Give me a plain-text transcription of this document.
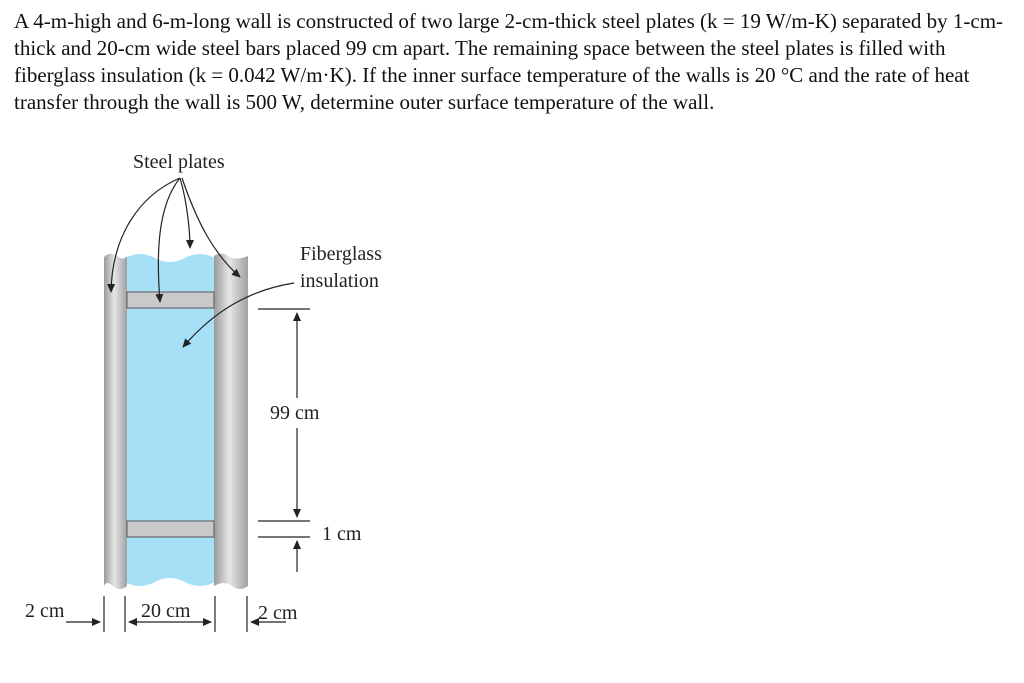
A 4-m-high and 6-m-long wall is constructed of two large 2-cm-thick steel plates (k = 19 W/m-K) separated by 1-cm-thick and 20-cm wide steel bars placed 99 cm apart. The remaining space between the steel plates is filled with fiberglass insulation (k = 0.042 W/m·K). If the inner surface temperature of the walls is 20 °C and the rate of heat transfer through the wall is 500 W, determine outer surface temperature of the wall.

Steel plates
Fiberglass
insulation
99 cm
1 cm
2 cm	20 cm	2 cm
